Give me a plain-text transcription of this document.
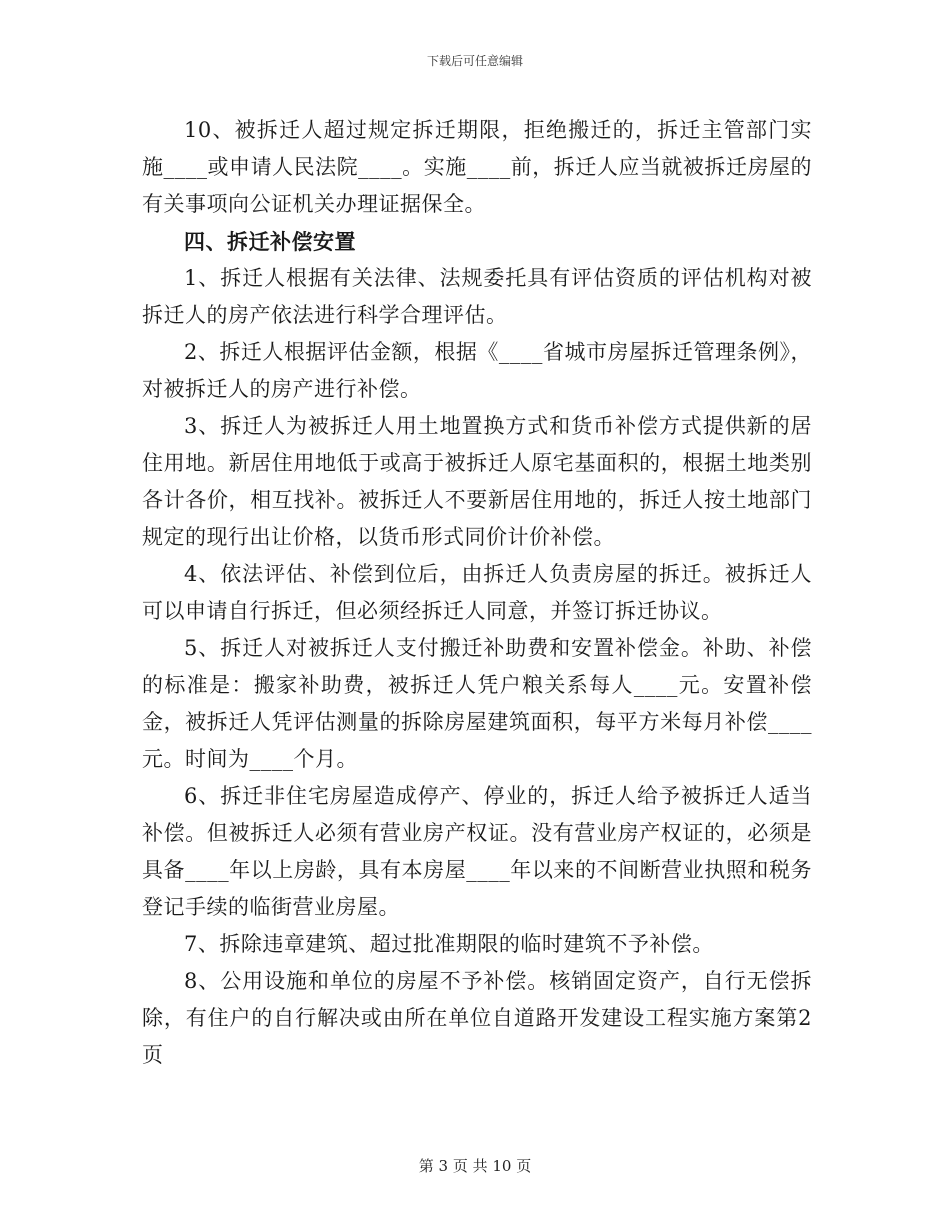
下载后可任意编辑

10、被拆迁人超过规定拆迁期限，拒绝搬迁的，拆迁主管部门实施____或申请人民法院____。实施____前，拆迁人应当就被拆迁房屋的有关事项向公证机关办理证据保全。

四、拆迁补偿安置

1、拆迁人根据有关法律、法规委托具有评估资质的评估机构对被拆迁人的房产依法进行科学合理评估。

2、拆迁人根据评估金额，根据《____省城市房屋拆迁管理条例》，对被拆迁人的房产进行补偿。

3、拆迁人为被拆迁人用土地置换方式和货币补偿方式提供新的居住用地。新居住用地低于或高于被拆迁人原宅基面积的，根据土地类别各计各价，相互找补。被拆迁人不要新居住用地的，拆迁人按土地部门规定的现行出让价格，以货币形式同价计价补偿。

4、依法评估、补偿到位后，由拆迁人负责房屋的拆迁。被拆迁人可以申请自行拆迁，但必须经拆迁人同意，并签订拆迁协议。

5、拆迁人对被拆迁人支付搬迁补助费和安置补偿金。补助、补偿的标准是：搬家补助费，被拆迁人凭户粮关系每人____元。安置补偿金，被拆迁人凭评估测量的拆除房屋建筑面积，每平方米每月补偿____元。时间为____个月。

6、拆迁非住宅房屋造成停产、停业的，拆迁人给予被拆迁人适当补偿。但被拆迁人必须有营业房产权证。没有营业房产权证的，必须是具备____年以上房龄，具有本房屋____年以来的不间断营业执照和税务登记手续的临街营业房屋。

7、拆除违章建筑、超过批准期限的临时建筑不予补偿。

8、公用设施和单位的房屋不予补偿。核销固定资产，自行无偿拆除，有住户的自行解决或由所在单位自道路开发建设工程实施方案第2页

第 3 页 共 10 页
